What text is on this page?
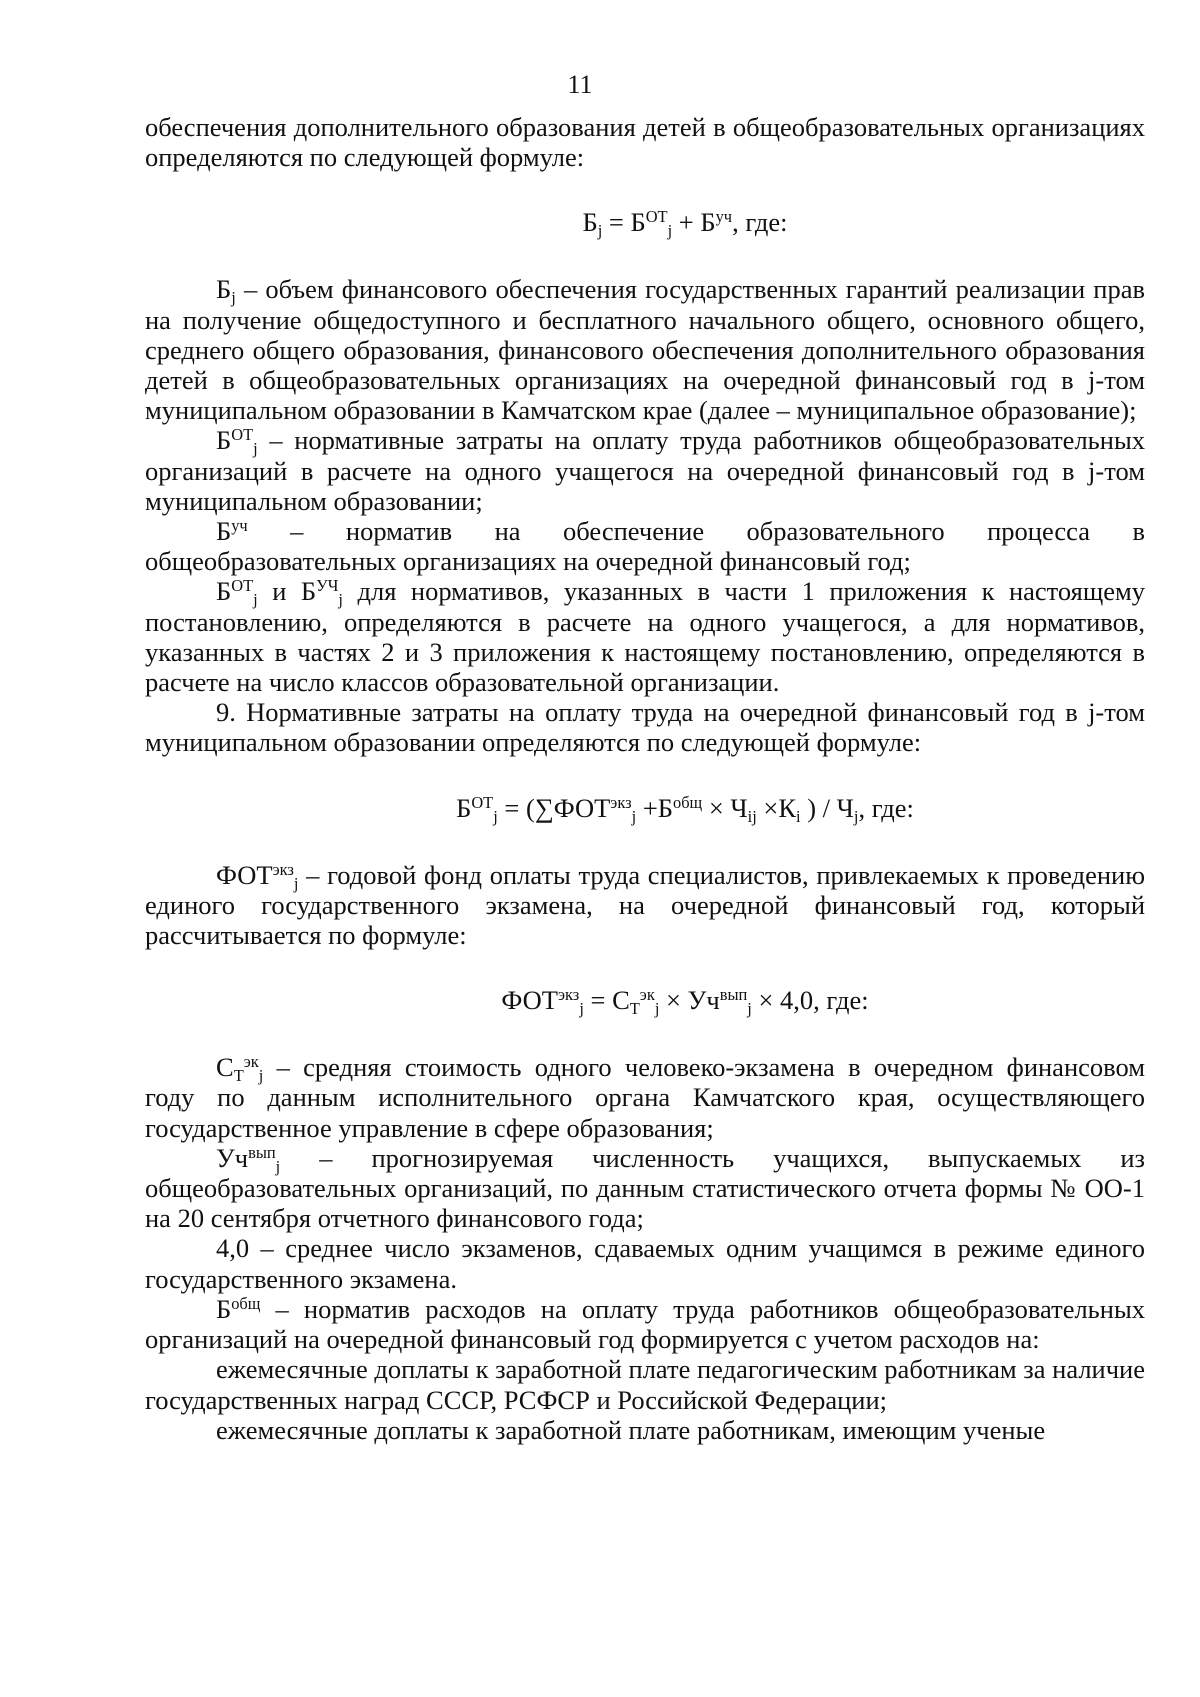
11

обеспечения дополнительного образования детей в общеобразовательных организациях определяются по следующей формуле:

$Б_j = Б^{ОТ}_j + Б^{уч}$, где:

$Б_j$ – объем финансового обеспечения государственных гарантий реализации прав на получение общедоступного и бесплатного начального общего, основного общего, среднего общего образования, финансового обеспечения дополнительного образования детей в общеобразовательных организациях на очередной финансовый год в j-том муниципальном образовании в Камчатском крае (далее – муниципальное образование);

$Б^{ОТ}_j$ – нормативные затраты на оплату труда работников общеобразовательных организаций в расчете на одного учащегося на очередной финансовый год в j-том муниципальном образовании;

$Б^{уч}$ – норматив на обеспечение образовательного процесса в общеобразовательных организациях на очередной финансовый год;

$Б^{ОТ}_j$ и $Б^{УЧ}_j$ для нормативов, указанных в части 1 приложения к настоящему постановлению, определяются в расчете на одного учащегося, а для нормативов, указанных в частях 2 и 3 приложения к настоящему постановлению, определяются в расчете на число классов образовательной организации.

9. Нормативные затраты на оплату труда на очередной финансовый год в j-том муниципальном образовании определяются по следующей формуле:

$Б^{ОТ}_j = (\sum ФОТ^{экз}_j +Б^{общ} \times Ч_{ij} \times К_i$ ) / $Ч_j$, где:

$ФОТ^{экз}_j$ – годовой фонд оплаты труда специалистов, привлекаемых к проведению единого государственного экзамена, на очередной финансовый год, который рассчитывается по формуле:

$ФОТ^{экз}_j = С_Т^{эк}_j \times Уч^{вып}_j \times 4,0$, где:

$С_Т^{эк}_j$ – средняя стоимость одного человеко-экзамена в очередном финансовом году по данным исполнительного органа Камчатского края, осуществляющего государственное управление в сфере образования;

$Уч^{вып}_j$ – прогнозируемая численность учащихся, выпускаемых из общеобразовательных организаций, по данным статистического отчета формы № ОО-1 на 20 сентября отчетного финансового года;

4,0 – среднее число экзаменов, сдаваемых одним учащимся в режиме единого государственного экзамена.

$Б^{общ}$ – норматив расходов на оплату труда работников общеобразовательных организаций на очередной финансовый год формируется с учетом расходов на:

ежемесячные доплаты к заработной плате педагогическим работникам за наличие государственных наград СССР, РСФСР и Российской Федерации;

ежемесячные доплаты к заработной плате работникам, имеющим ученые
